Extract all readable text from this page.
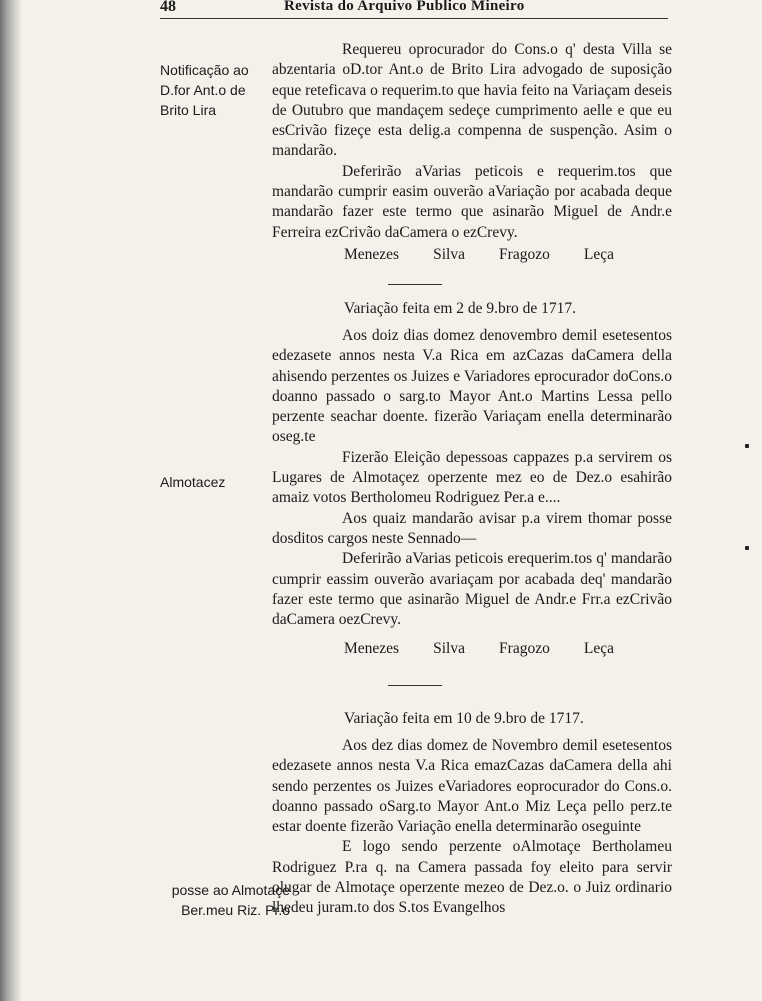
48	Revista do Arquivo Publico Mineiro
Notificação ao D.for Ant.o de Brito Lira

Requereu oprocurador do Cons.o q' desta Villa se abzentaria oD.tor Ant.o de Brito Lira advogado de suposição eque reteficava o requerim.to que havia feito na Variaçam deseis de Outubro que mandaçem sedeçe cumprimento aelle e que eu esCrivão fizeçe esta delig.a compenna de suspenção. Asim o mandarão.

Deferirão aVarias peticois e requerim.tos que mandarão cumprir easim ouverão aVariação por acabada deque mandarão fazer este termo que asinarão Miguel de Andr.e Ferreira ezCrivão daCamera o ezCrevy.

Menezes Silva Fragozo Leça
Variação feita em 2 de 9.bro de 1717.

Aos doiz dias domez denovembro demil esetesentos edezasete annos nesta V.a Rica em azCazas daCamera della ahisendo perzentes os Juizes e Variadores eprocurador doCons.o doanno passado o sarg.to Mayor Ant.o Martins Lessa pello perzente seachar doente. fizerão Variaçam enella determinarão oseg.te

Fizerão Eleição depessoas cappazes p.a servirem os Lugares de Almotaçez operzente mez eo de Dez.o esahirão amaiz votos Bertholomeu Rodriguez Per.a e....

Aos quaiz mandarão avisar p.a virem thomar posse dosditos cargos neste Sennado—

Deferirão aVarias peticois erequerim.tos q' mandarão cumprir eassim ouverão avariaçam por acabada deq' mandarão fazer este termo que asinarão Miguel de Andr.e Frr.a ezCrivão daCamera oezCrevy.

Almotacez
Menezes Silva Fragozo Leça
Variação feita em 10 de 9.bro de 1717.

Aos dez dias domez de Novembro demil esetesentos edezasete annos nesta V.a Rica emazCazas daCamera della ahi sendo perzentes os Juizes eVariadores eoprocurador do Cons.o. doanno passado oSarg.to Mayor Ant.o Miz Leça pello perz.te estar doente fizerão Variação enella determinarão oseguinte

E logo sendo perzente oAlmotaçe Bertholameu Rodriguez P.ra q. na Camera passada foy eleito para servir olugar de Almotaçe operzente mezeo de Dez.o. o Juiz ordinario lhedeu juram.to dos S.tos Evangelhos

posse ao Almotaçe Ber.meu Riz. Pr.o
